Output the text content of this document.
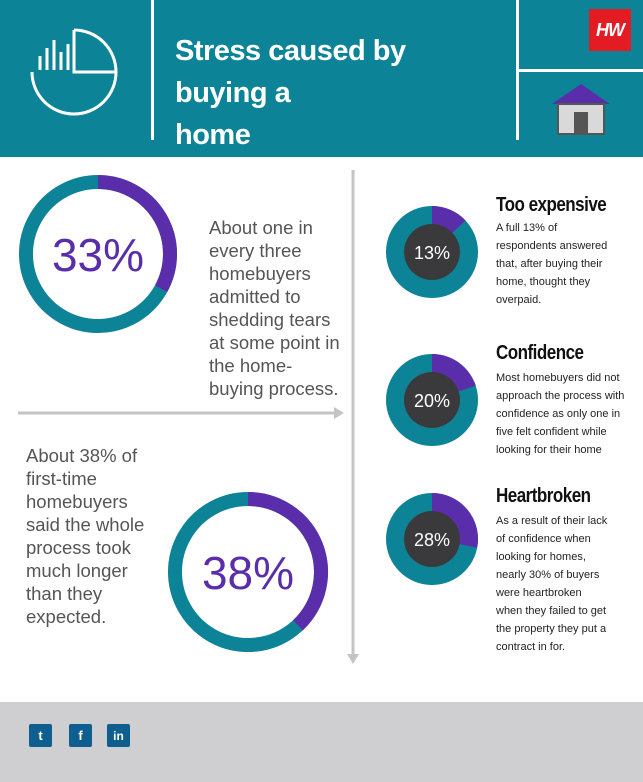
Stress caused by buying a
home
HW
33%
38%
13%
20%
28%
About one in
every three
homebuyers
admitted to
shedding tears
at some point in
the home-
buying process.
About 38% of
first-time
homebuyers
said the whole
process took
much longer
than they
expected.
Too expensive
A full 13% of
respondents answered
that, after buying their
home, thought they
overpaid.
Confidence
Most homebuyers did not
approach the process with
confidence as only one in
five felt confident while
looking for their home
Heartbroken
As a result of their lack
of confidence when
looking for homes,
nearly 30% of buyers
were heartbroken
when they failed to get
the property they put a
contract in for.
t	f	in
